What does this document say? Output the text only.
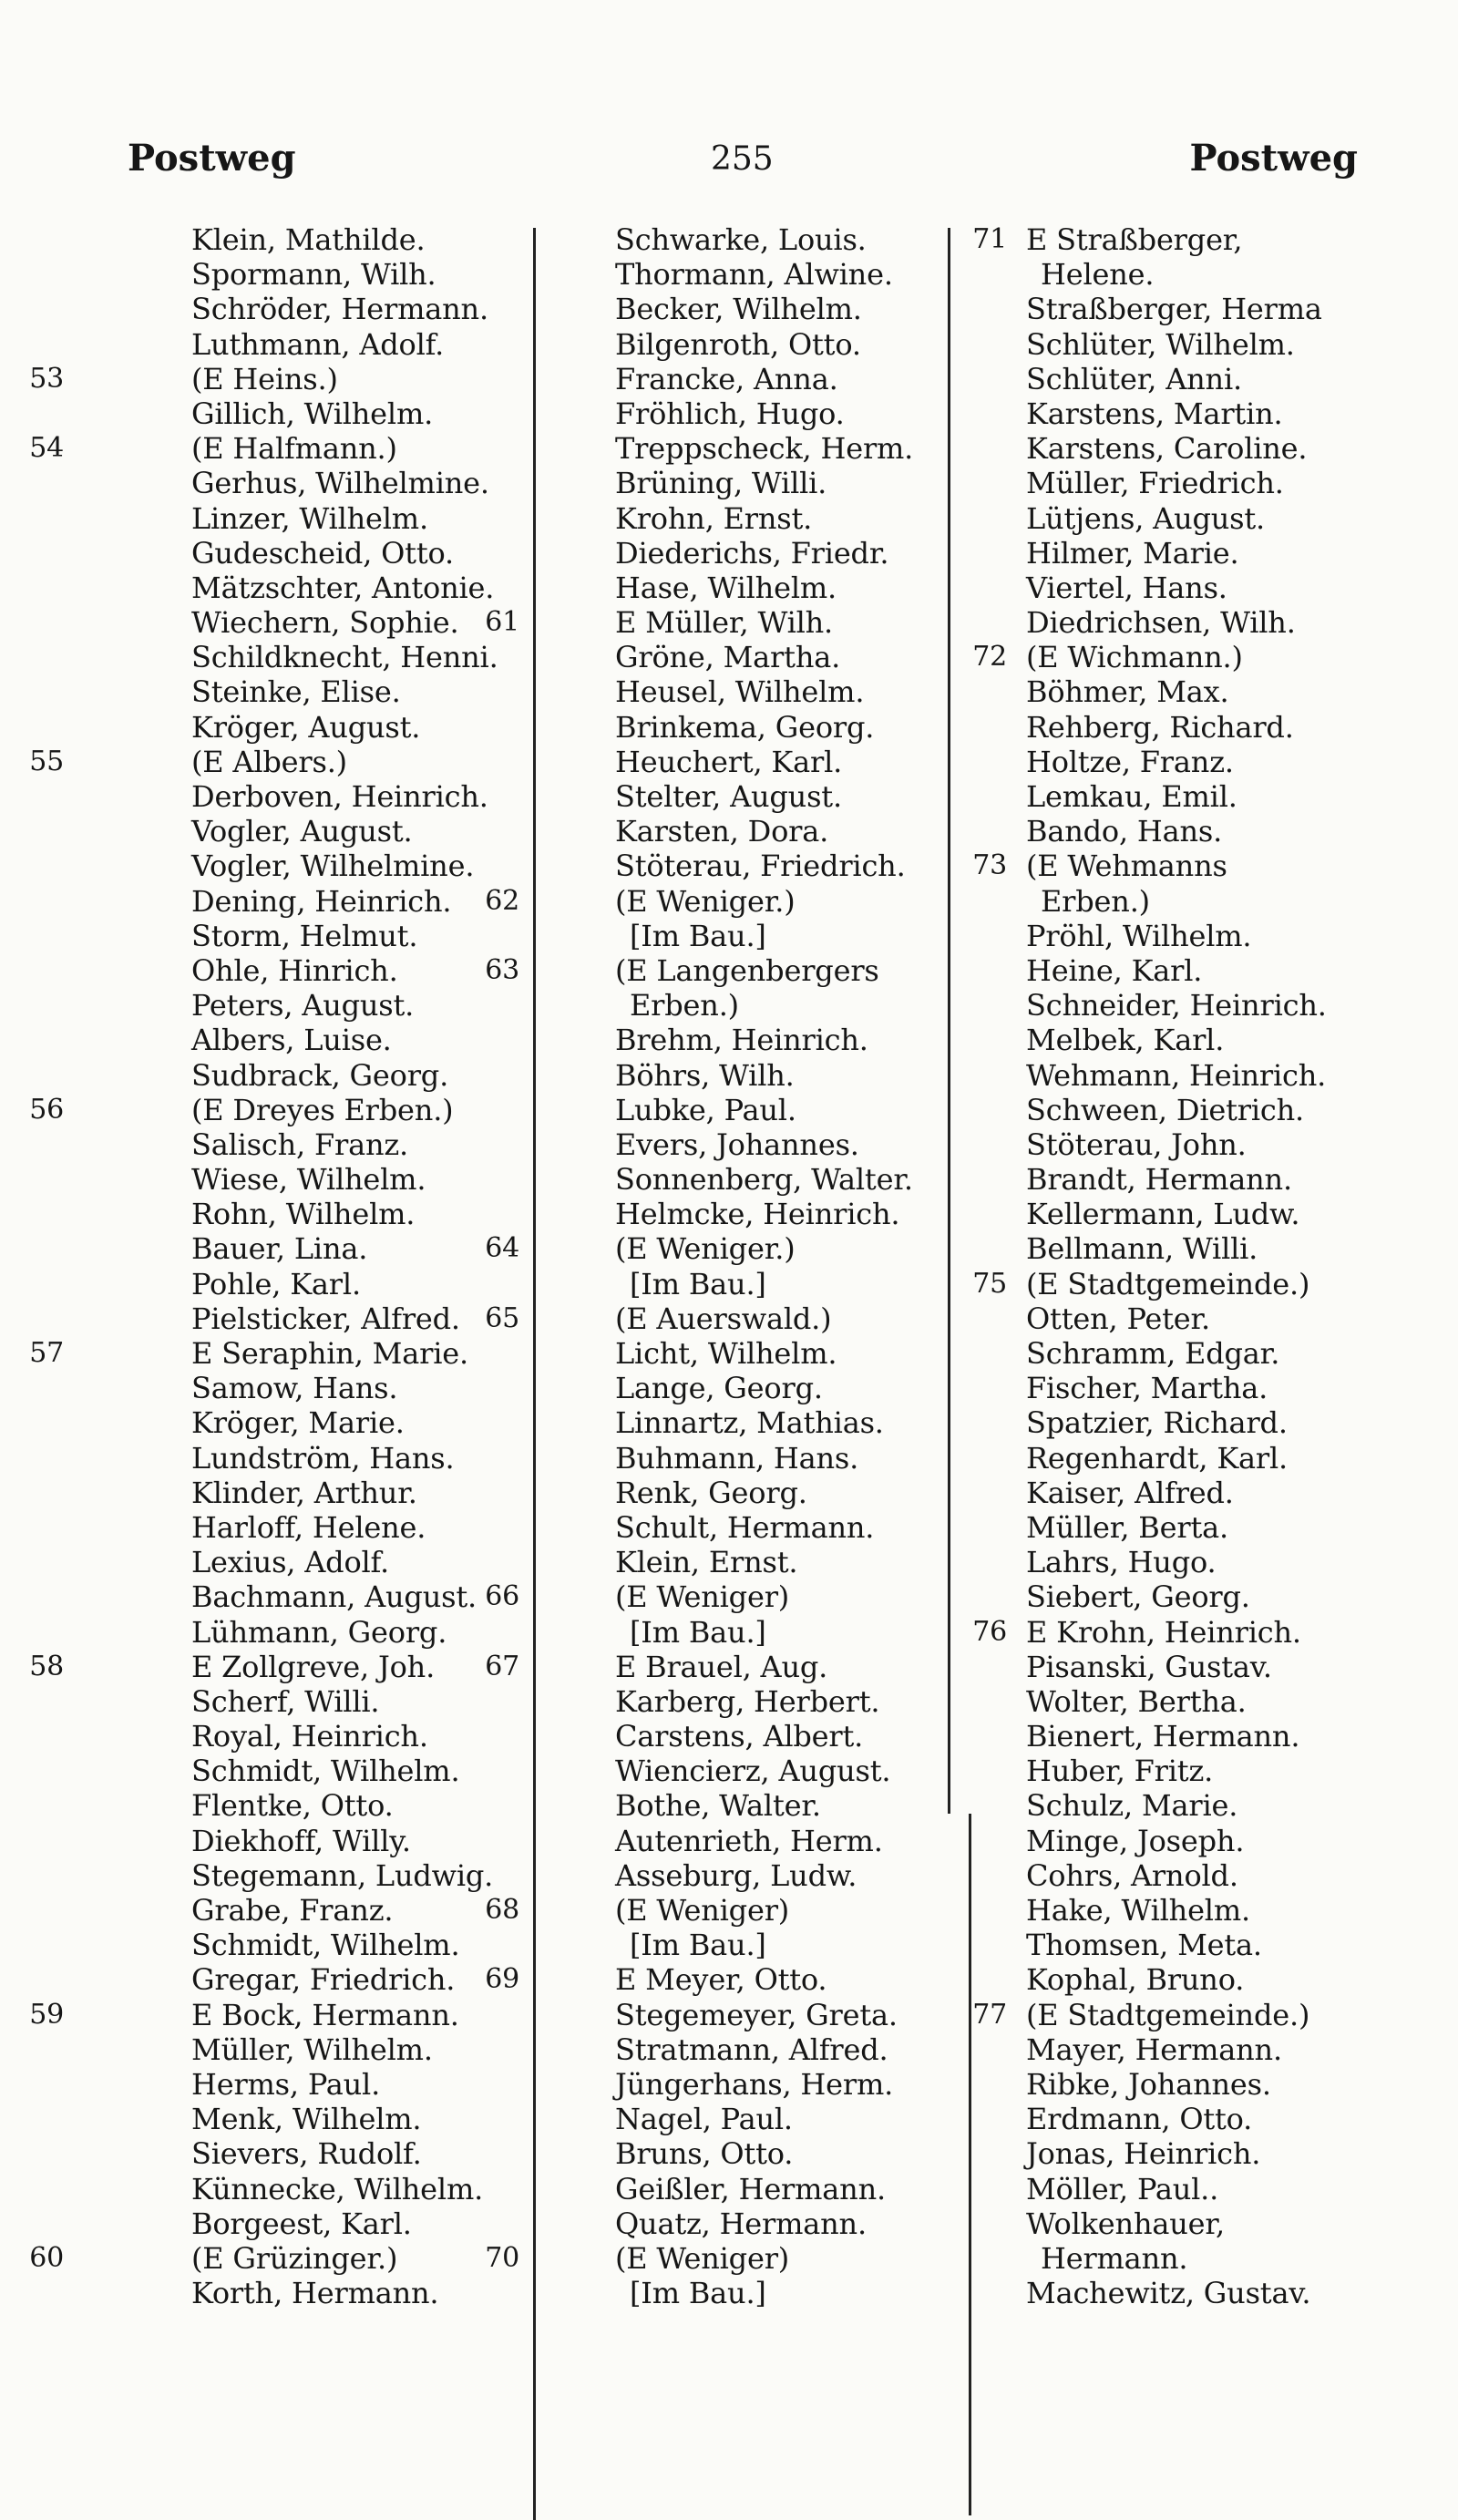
Postweg	255	Postweg
Klein, Mathilde.
Spormann, Wilh.
Schröder, Hermann.
Luthmann, Adolf.
53	(E Heins.)
Gillich, Wilhelm.
54	(E Halfmann.)
Gerhus, Wilhelmine.
Linzer, Wilhelm.
Gudescheid, Otto.
Mätzschter, Antonie.
Wiechern, Sophie.
Schildknecht, Henni.
Steinke, Elise.
Kröger, August.
55	(E Albers.)
Derboven, Heinrich.
Vogler, August.
Vogler, Wilhelmine.
Dening, Heinrich.
Storm, Helmut.
Ohle, Hinrich.
Peters, August.
Albers, Luise.
Sudbrack, Georg.
56	(E Dreyes Erben.)
Salisch, Franz.
Wiese, Wilhelm.
Rohn, Wilhelm.
Bauer, Lina.
Pohle, Karl.
Pielsticker, Alfred.
57	E Seraphin, Marie.
Samow, Hans.
Kröger, Marie.
Lundström, Hans.
Klinder, Arthur.
Harloff, Helene.
Lexius, Adolf.
Bachmann, August.
Lühmann, Georg.
58	E Zollgreve, Joh.
Scherf, Willi.
Royal, Heinrich.
Schmidt, Wilhelm.
Flentke, Otto.
Diekhoff, Willy.
Stegemann, Ludwig.
Grabe, Franz.
Schmidt, Wilhelm.
Gregar, Friedrich.
59	E Bock, Hermann.
Müller, Wilhelm.
Herms, Paul.
Menk, Wilhelm.
Sievers, Rudolf.
Künnecke, Wilhelm.
Borgeest, Karl.
60	(E Grüzinger.)
Korth, Hermann.
Schwarke, Louis.
Thormann, Alwine.
Becker, Wilhelm.
Bilgenroth, Otto.
Francke, Anna.
Fröhlich, Hugo.
Treppscheck, Herm.
Brüning, Willi.
Krohn, Ernst.
Diederichs, Friedr.
Hase, Wilhelm.
61	E Müller, Wilh.
Gröne, Martha.
Heusel, Wilhelm.
Brinkema, Georg.
Heuchert, Karl.
Stelter, August.
Karsten, Dora.
Stöterau, Friedrich.
62	(E Weniger.)
[Im Bau.]
63	(E Langenbergers
Erben.)
Brehm, Heinrich.
Böhrs, Wilh.
Lubke, Paul.
Evers, Johannes.
Sonnenberg, Walter.
Helmcke, Heinrich.
64	(E Weniger.)
[Im Bau.]
65	(E Auerswald.)
Licht, Wilhelm.
Lange, Georg.
Linnartz, Mathias.
Buhmann, Hans.
Renk, Georg.
Schult, Hermann.
Klein, Ernst.
66	(E Weniger)
[Im Bau.]
67	E Brauel, Aug.
Karberg, Herbert.
Carstens, Albert.
Wiencierz, August.
Bothe, Walter.
Autenrieth, Herm.
Asseburg, Ludw.
68	(E Weniger)
[Im Bau.]
69	E Meyer, Otto.
Stegemeyer, Greta.
Stratmann, Alfred.
Jüngerhans, Herm.
Nagel, Paul.
Bruns, Otto.
Geißler, Hermann.
Quatz, Hermann.
70	(E Weniger)
[Im Bau.]
71 E Straßberger,
Helene.
Straßberger, Herma
Schlüter, Wilhelm.
Schlüter, Anni.
Karstens, Martin.
Karstens, Caroline.
Müller, Friedrich.
Lütjens, August.
Hilmer, Marie.
Viertel, Hans.
Diedrichsen, Wilh.
72 (E Wichmann.)
Böhmer, Max.
Rehberg, Richard.
Holtze, Franz.
Lemkau, Emil.
Bando, Hans.
73 (E Wehmanns
Erben.)
Pröhl, Wilhelm.
Heine, Karl.
Schneider, Heinrich.
Melbek, Karl.
Wehmann, Heinrich.
Schween, Dietrich.
Stöterau, John.
Brandt, Hermann.
Kellermann, Ludw.
Bellmann, Willi.
75 (E Stadtgemeinde.)
Otten, Peter.
Schramm, Edgar.
Fischer, Martha.
Spatzier, Richard.
Regenhardt, Karl.
Kaiser, Alfred.
Müller, Berta.
Lahrs, Hugo.
Siebert, Georg.
76 E Krohn, Heinrich.
Pisanski, Gustav.
Wolter, Bertha.
Bienert, Hermann.
Huber, Fritz.
Schulz, Marie.
Minge, Joseph.
Cohrs, Arnold.
Hake, Wilhelm.
Thomsen, Meta.
Kophal, Bruno.
77 (E Stadtgemeinde.)
Mayer, Hermann.
Ribke, Johannes.
Erdmann, Otto.
Jonas, Heinrich.
Möller, Paul..
Wolkenhauer,
Hermann.
Machewitz, Gustav.
